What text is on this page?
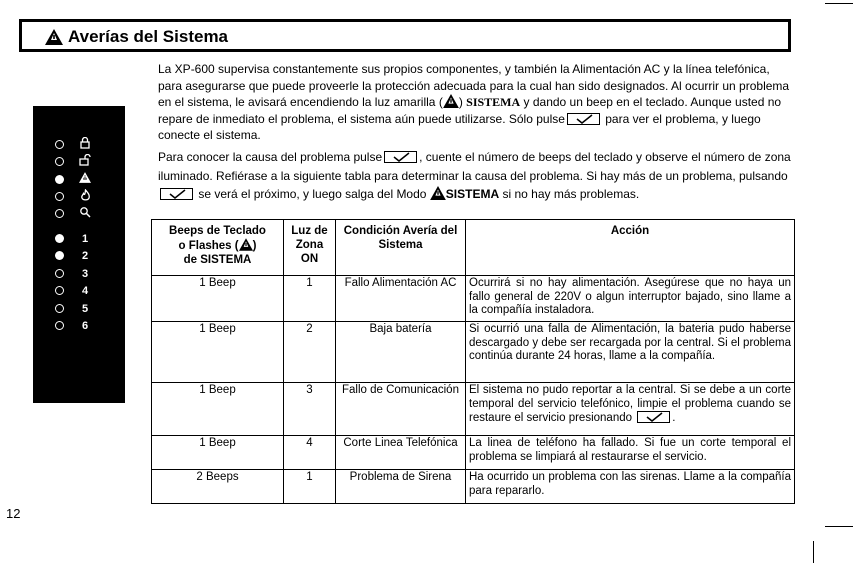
Averías del Sistema
La XP-600 supervisa constantemente sus propios componentes, y también la Alimentación AC y la línea telefónica, para asegurarse que puede proveerle la protección adecuada para la cual han sido designados. Al ocurrir un problema en el sistema, le avisará encendiendo la luz amarilla ( ) SISTEMA y dando un beep en el teclado. Aunque usted no repare de inmediato el problema, el sistema aún puede utilizarse. Sólo pulse	para ver el problema, y luego conecte el sistema.
Para conocer la causa del problema pulse	, cuente el número de beeps del teclado y observe el número de zona iluminado. Refiérase a la siguiente tabla para determinar la causa del problema. Si hay más de un problema, pulsando
se verá el próximo, y luego salga del Modo SISTEMA si no hay más problemas.
1
2
3
4
5
6
Beeps de Teclado
o Flashes ( )
de SISTEMA	Luz de Zona ON	Condición Avería del Sistema	Acción
1 Beep	1	Fallo Alimentación AC	Ocurrirá si no hay alimentación. Asegúrese que no haya un fallo general de 220V o algun interruptor bajado, sino llame a la compañía instaladora.
1 Beep	2	Baja batería	Si ocurrió una falla de Alimentación, la bateria pudo haberse descargado y debe ser recargada por la central. Si el problema continúa durante 24 horas, llame a la compañía.
1 Beep	3	Fallo de Comunicación	El sistema no pudo reportar a la central. Si se debe a un corte temporal del servicio telefónico, limpie el problema cuando se restaure el servicio presionando .
1 Beep	4	Corte Linea Telefónica	La linea de teléfono ha fallado. Si fue un corte temporal el problema se limpiará al restaurarse el servicio.
2 Beeps	1	Problema de Sirena	Ha ocurrido un problema con las sirenas. Llame a la compañía para repararlo.
12
